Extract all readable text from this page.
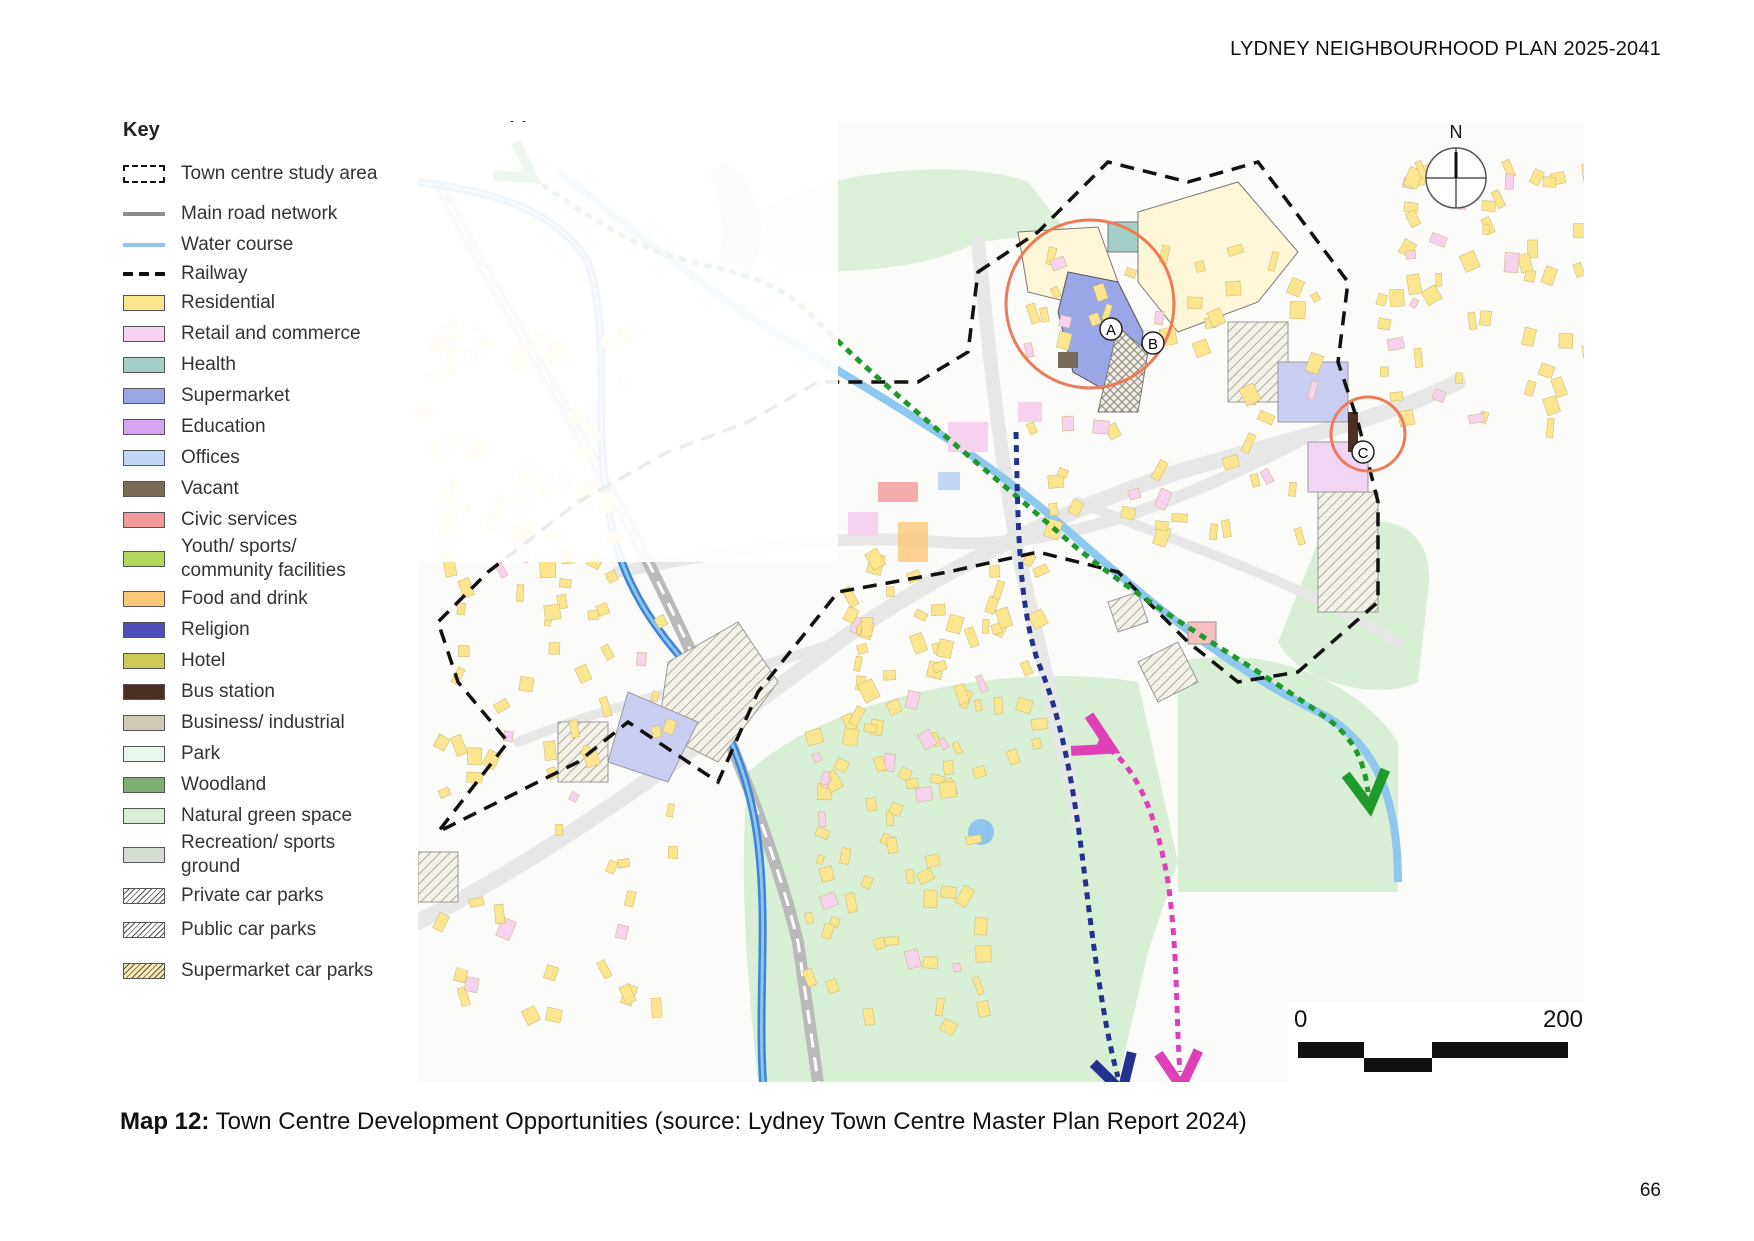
LYDNEY NEIGHBOURHOOD PLAN 2025-2041
Key
Town centre study area
Main road network
Water course
Railway
Residential
Retail and commerce
Health
Supermarket
Education
Offices
Vacant
Civic services
Youth/ sports/ community facilities
Food and drink
Religion
Hotel
Bus station
Business/ industrial
Park
Woodland
Natural green space
Recreation/ sports ground
Private car parks
Public car parks
Supermarket car parks
A
B
C
N
0	200
Map 12: Town Centre Development Opportunities (source: Lydney Town Centre Master Plan Report 2024)
66
